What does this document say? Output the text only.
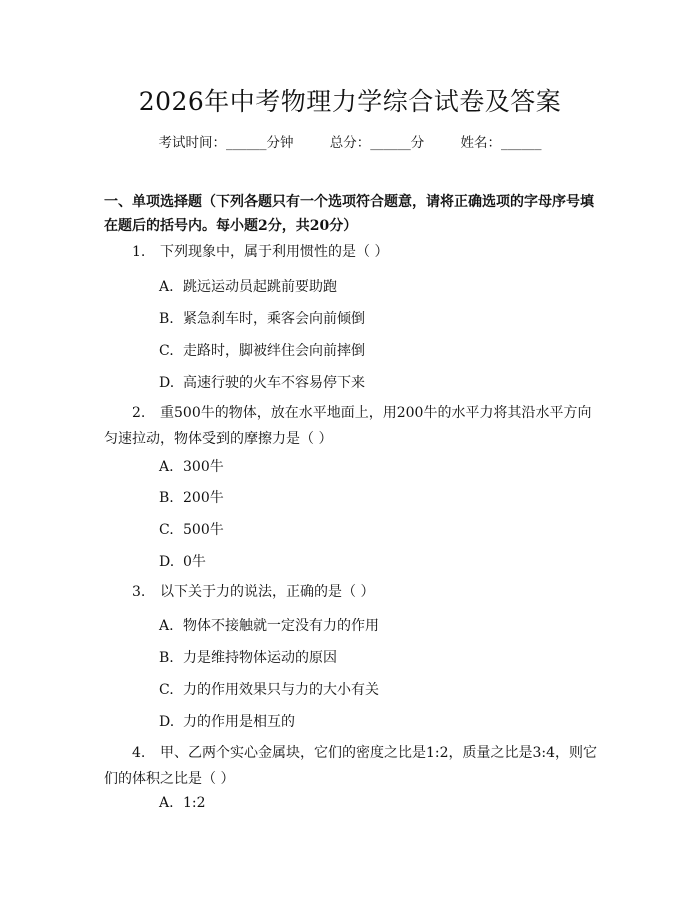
2026年中考物理力学综合试卷及答案
考试时间：______分钟	总分：______分	姓名：______
一、单项选择题（下列各题只有一个选项符合题意，请将正确选项的字母序号填在题后的括号内。每小题2分，共20分）
1. 下列现象中，属于利用惯性的是（ ）
A. 跳远运动员起跳前要助跑
B. 紧急刹车时，乘客会向前倾倒
C. 走路时，脚被绊住会向前摔倒
D. 高速行驶的火车不容易停下来
2. 重500牛的物体，放在水平地面上，用200牛的水平力将其沿水平方向匀速拉动，物体受到的摩擦力是（ ）
A. 300牛
B. 200牛
C. 500牛
D. 0牛
3. 以下关于力的说法，正确的是（ ）
A. 物体不接触就一定没有力的作用
B. 力是维持物体运动的原因
C. 力的作用效果只与力的大小有关
D. 力的作用是相互的
4. 甲、乙两个实心金属块，它们的密度之比是1:2，质量之比是3:4，则它们的体积之比是（ ）
A. 1:2
